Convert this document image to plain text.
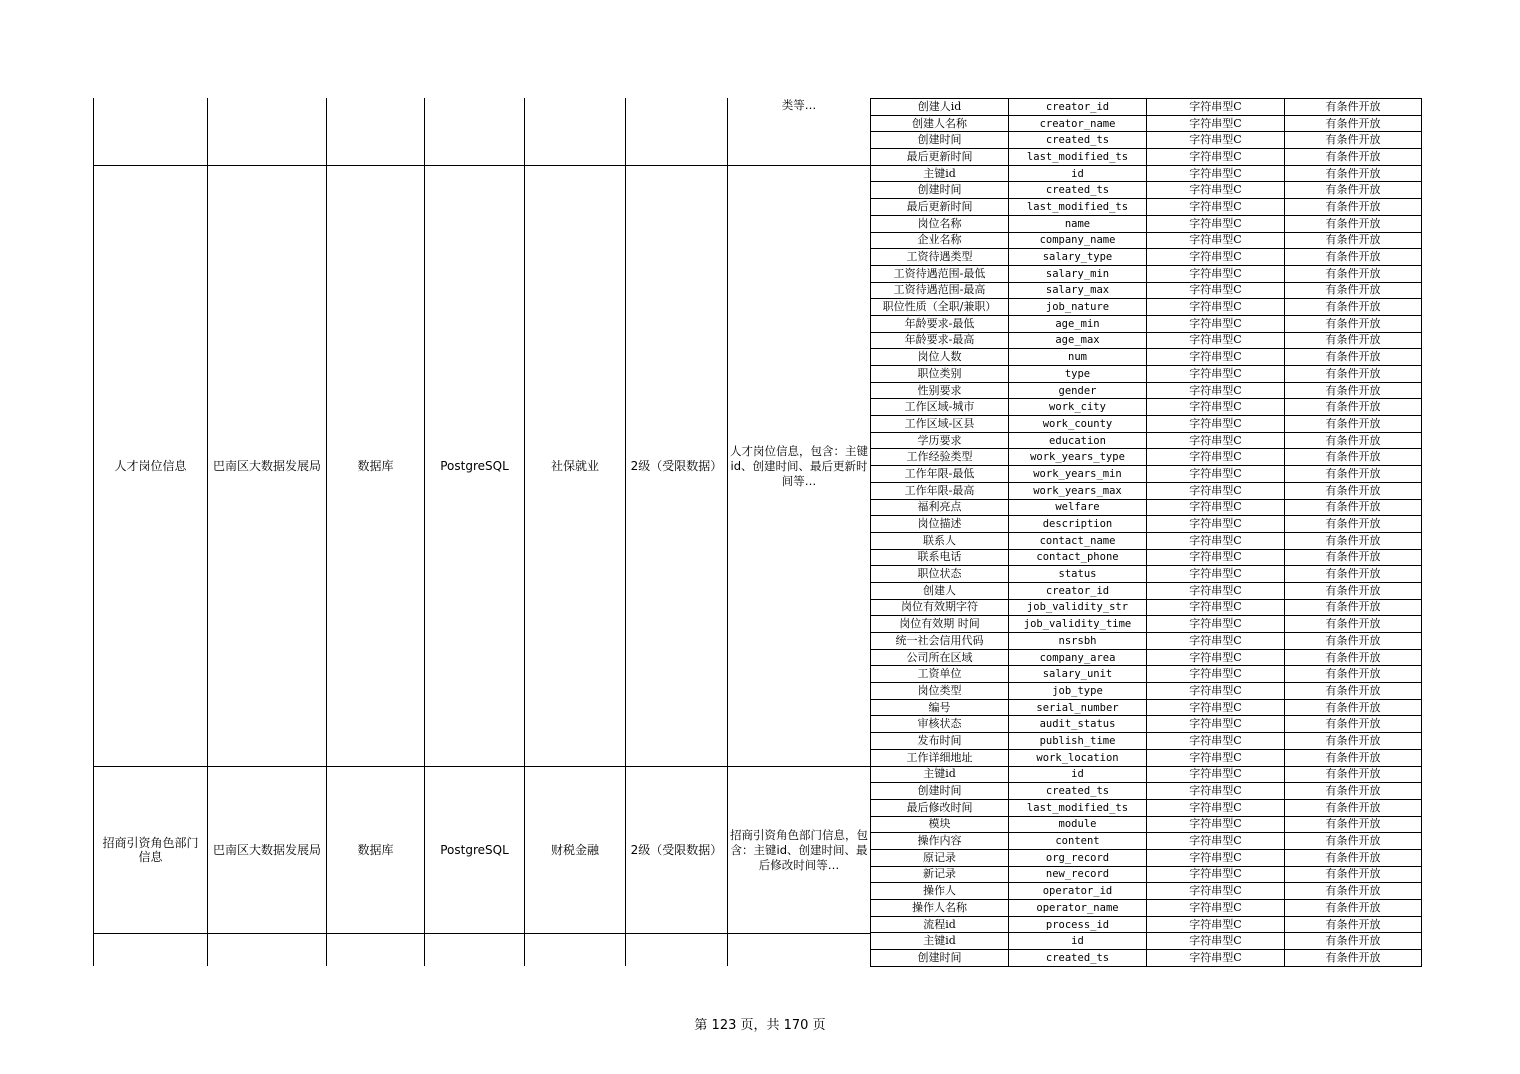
类等…
人才岗位信息	巴南区大数据发展局	数据库	PostgreSQL	社保就业	2级（受限数据）
人才岗位信息，包含：主键id、创建时间、最后更新时间等…
招商引资角色部门信息	巴南区大数据发展局	数据库	PostgreSQL	财税金融	2级（受限数据）
招商引资角色部门信息，包含：主键id、创建时间、最后修改时间等…
创建人id	creator_id	字符串型C	有条件开放
创建人名称	creator_name	字符串型C	有条件开放
创建时间	created_ts	字符串型C	有条件开放
最后更新时间	last_modified_ts	字符串型C	有条件开放
主键id	id	字符串型C	有条件开放
创建时间	created_ts	字符串型C	有条件开放
最后更新时间	last_modified_ts	字符串型C	有条件开放
岗位名称	name	字符串型C	有条件开放
企业名称	company_name	字符串型C	有条件开放
工资待遇类型	salary_type	字符串型C	有条件开放
工资待遇范围-最低	salary_min	字符串型C	有条件开放
工资待遇范围-最高	salary_max	字符串型C	有条件开放
职位性质（全职/兼职）	job_nature	字符串型C	有条件开放
年龄要求-最低	age_min	字符串型C	有条件开放
年龄要求-最高	age_max	字符串型C	有条件开放
岗位人数	num	字符串型C	有条件开放
职位类别	type	字符串型C	有条件开放
性别要求	gender	字符串型C	有条件开放
工作区域-城市	work_city	字符串型C	有条件开放
工作区域-区县	work_county	字符串型C	有条件开放
学历要求	education	字符串型C	有条件开放
工作经验类型	work_years_type	字符串型C	有条件开放
工作年限-最低	work_years_min	字符串型C	有条件开放
工作年限-最高	work_years_max	字符串型C	有条件开放
福利亮点	welfare	字符串型C	有条件开放
岗位描述	description	字符串型C	有条件开放
联系人	contact_name	字符串型C	有条件开放
联系电话	contact_phone	字符串型C	有条件开放
职位状态	status	字符串型C	有条件开放
创建人	creator_id	字符串型C	有条件开放
岗位有效期字符	job_validity_str	字符串型C	有条件开放
岗位有效期 时间	job_validity_time	字符串型C	有条件开放
统一社会信用代码	nsrsbh	字符串型C	有条件开放
公司所在区域	company_area	字符串型C	有条件开放
工资单位	salary_unit	字符串型C	有条件开放
岗位类型	job_type	字符串型C	有条件开放
编号	serial_number	字符串型C	有条件开放
审核状态	audit_status	字符串型C	有条件开放
发布时间	publish_time	字符串型C	有条件开放
工作详细地址	work_location	字符串型C	有条件开放
主键id	id	字符串型C	有条件开放
创建时间	created_ts	字符串型C	有条件开放
最后修改时间	last_modified_ts	字符串型C	有条件开放
模块	module	字符串型C	有条件开放
操作内容	content	字符串型C	有条件开放
原记录	org_record	字符串型C	有条件开放
新记录	new_record	字符串型C	有条件开放
操作人	operator_id	字符串型C	有条件开放
操作人名称	operator_name	字符串型C	有条件开放
流程id	process_id	字符串型C	有条件开放
主键id	id	字符串型C	有条件开放
创建时间	created_ts	字符串型C	有条件开放
第 123 页，共 170 页
